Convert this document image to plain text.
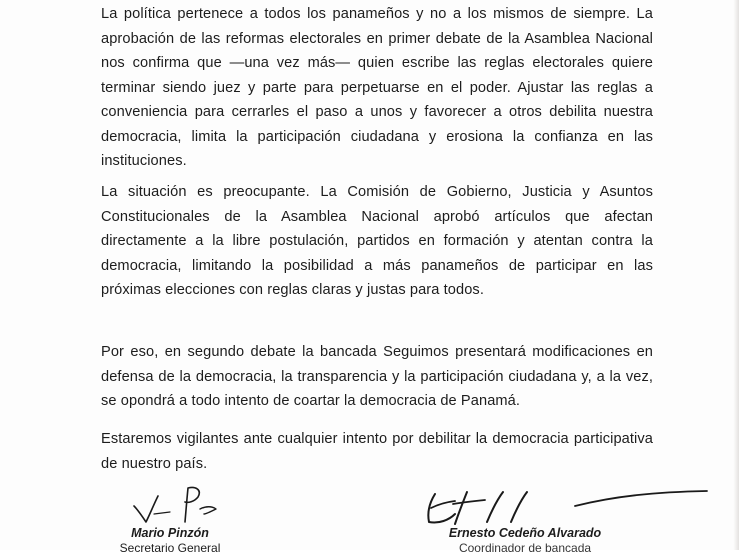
La política pertenece a todos los panameños y no a los mismos de siempre. La aprobación de las reformas electorales en primer debate de la Asamblea Nacional nos confirma que —una vez más— quien escribe las reglas electorales quiere terminar siendo juez y parte para perpetuarse en el poder. Ajustar las reglas a conveniencia para cerrarles el paso a unos y favorecer a otros debilita nuestra democracia, limita la participación ciudadana y erosiona la confianza en las instituciones.

La situación es preocupante. La Comisión de Gobierno, Justicia y Asuntos Constitucionales de la Asamblea Nacional aprobó artículos que afectan directamente a la libre postulación, partidos en formación y atentan contra la democracia, limitando la posibilidad a más panameños de participar en las próximas elecciones con reglas claras y justas para todos.

Por eso, en segundo debate la bancada Seguimos presentará modificaciones en defensa de la democracia, la transparencia y la participación ciudadana y, a la vez, se opondrá a todo intento de coartar la democracia de Panamá.

Estaremos vigilantes ante cualquier intento por debilitar la democracia participativa de nuestro país.

Mario Pinzón
Secretario General
Ernesto Cedeño Alvarado
Coordinador de bancada
